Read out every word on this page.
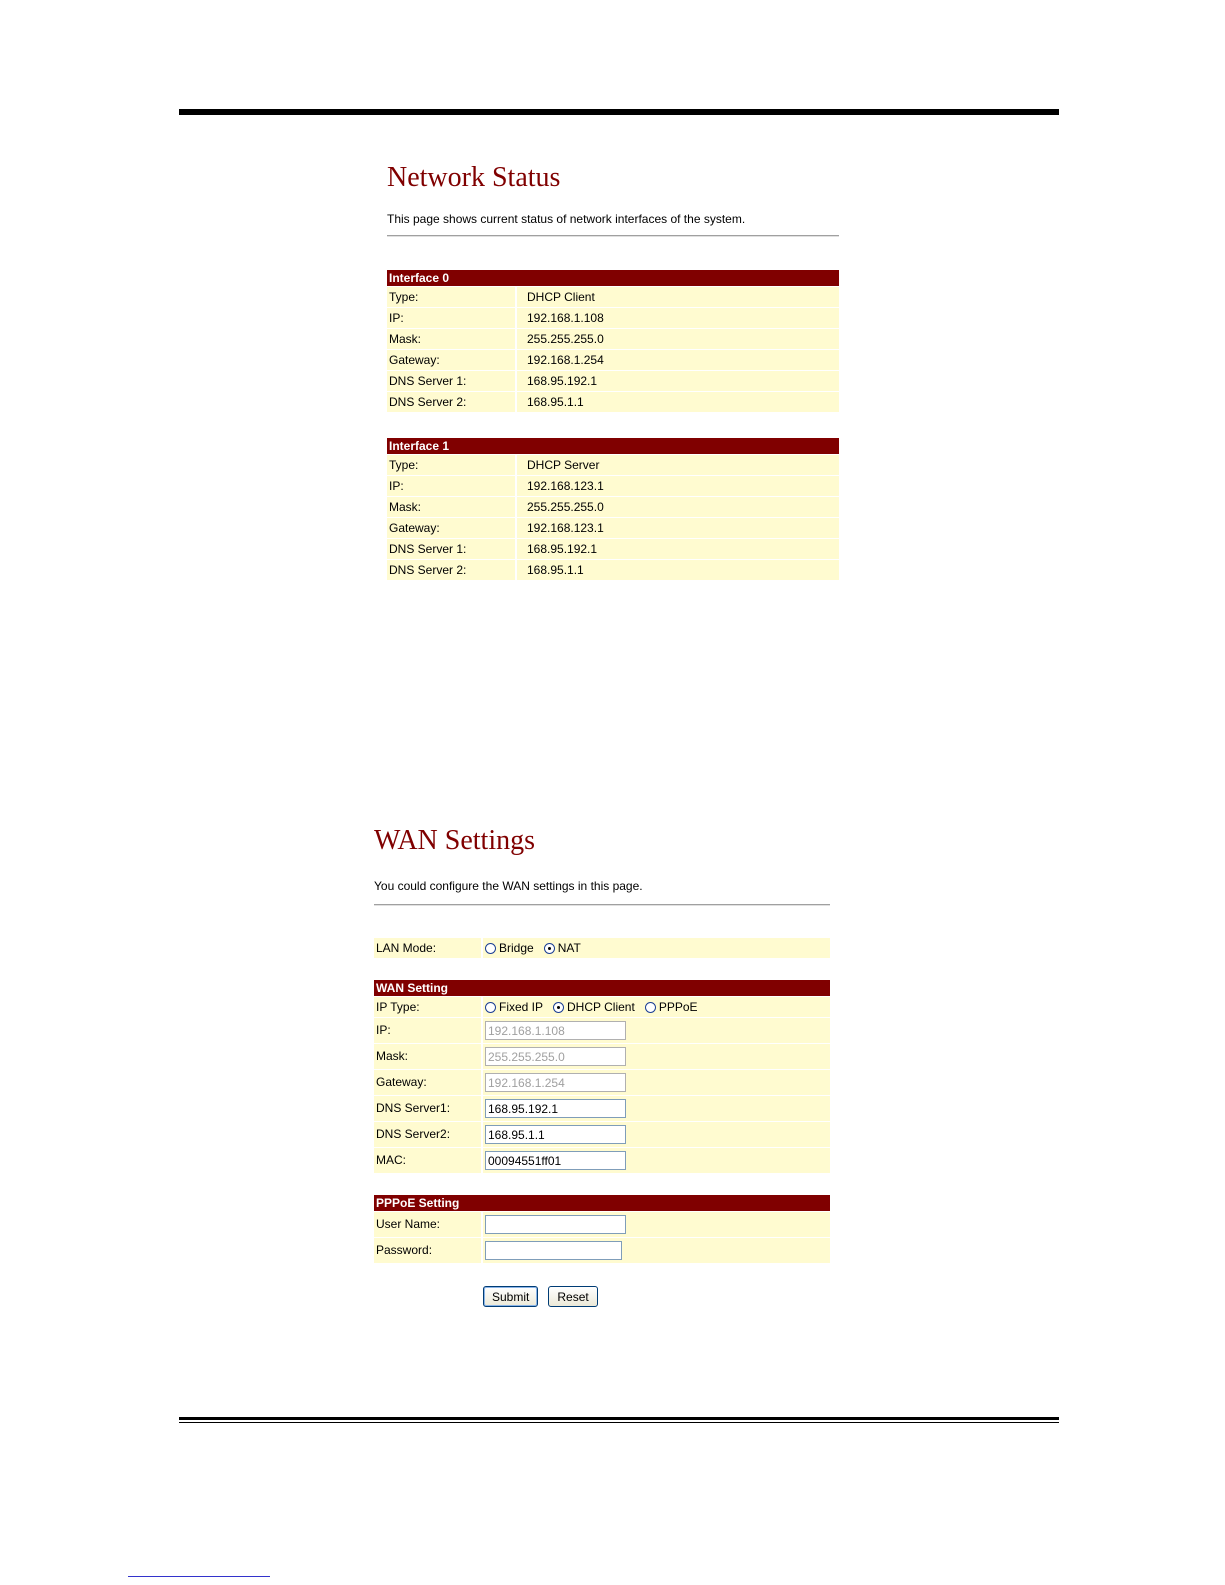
Network Status

This page shows current status of network interfaces of the system.

Interface 0
Type:	DHCP Client
IP:	192.168.1.108
Mask:	255.255.255.0
Gateway:	192.168.1.254
DNS Server 1:	168.95.192.1
DNS Server 2:	168.95.1.1
Interface 1
Type:	DHCP Server
IP:	192.168.123.1
Mask:	255.255.255.0
Gateway:	192.168.123.1
DNS Server 1:	168.95.192.1
DNS Server 2:	168.95.1.1
WAN Settings

You could configure the WAN settings in this page.

LAN Mode:	Bridge NAT
WAN Setting
IP Type:	Fixed IP DHCP Client PPPoE
IP:
192.168.1.108
Mask:
255.255.255.0
Gateway:
192.168.1.254
DNS Server1:
168.95.192.1
DNS Server2:
168.95.1.1
MAC:
00094551ff01
PPPoE Setting
User Name:
Password:
Submit	Reset
